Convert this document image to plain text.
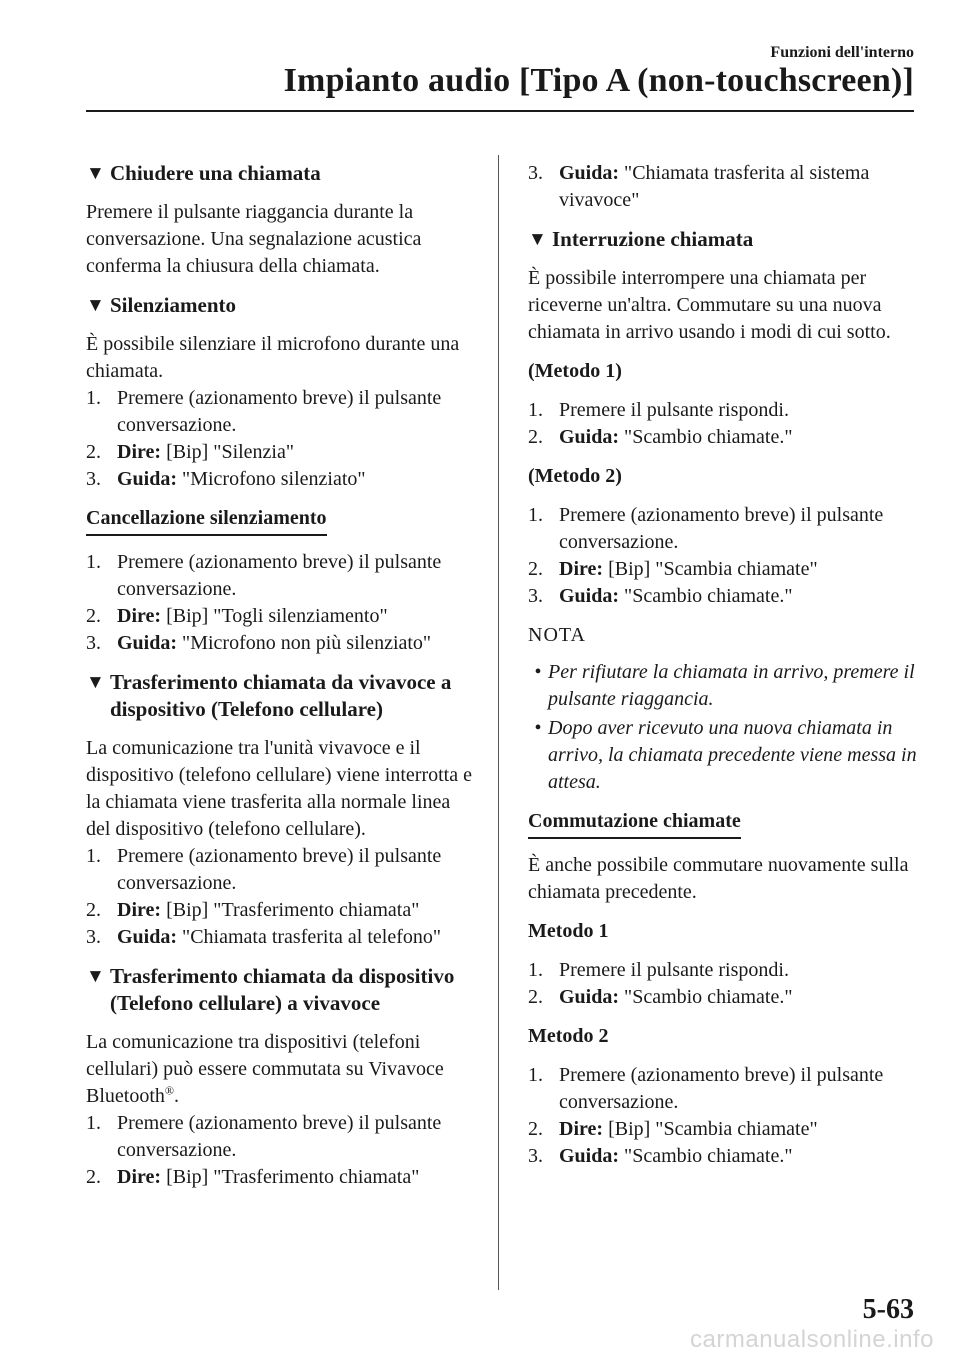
Funzioni dell'interno
Impianto audio [Tipo A (non-touchscreen)]
▼ Chiudere una chiamata
Premere il pulsante riaggancia durante la conversazione. Una segnalazione acustica conferma la chiusura della chiamata.
▼ Silenziamento
È possibile silenziare il microfono durante una chiamata.
1. Premere (azionamento breve) il pulsante conversazione.
2. Dire: [Bip] "Silenzia"
3. Guida: "Microfono silenziato"
Cancellazione silenziamento
1. Premere (azionamento breve) il pulsante conversazione.
2. Dire: [Bip] "Togli silenziamento"
3. Guida: "Microfono non più silenziato"
▼ Trasferimento chiamata da vivavoce a dispositivo (Telefono cellulare)
La comunicazione tra l'unità vivavoce e il dispositivo (telefono cellulare) viene interrotta e la chiamata viene trasferita alla normale linea del dispositivo (telefono cellulare).
1. Premere (azionamento breve) il pulsante conversazione.
2. Dire: [Bip] "Trasferimento chiamata"
3. Guida: "Chiamata trasferita al telefono"
▼ Trasferimento chiamata da dispositivo (Telefono cellulare) a vivavoce
La comunicazione tra dispositivi (telefoni cellulari) può essere commutata su Vivavoce Bluetooth®.
1. Premere (azionamento breve) il pulsante conversazione.
2. Dire: [Bip] "Trasferimento chiamata"
3. Guida: "Chiamata trasferita al sistema vivavoce"
▼ Interruzione chiamata
È possibile interrompere una chiamata per riceverne un'altra. Commutare su una nuova chiamata in arrivo usando i modi di cui sotto.
(Metodo 1)
1. Premere il pulsante rispondi.
2. Guida: "Scambio chiamate."
(Metodo 2)
1. Premere (azionamento breve) il pulsante conversazione.
2. Dire: [Bip] "Scambia chiamate"
3. Guida: "Scambio chiamate."
NOTA
• Per rifiutare la chiamata in arrivo, premere il pulsante riaggancia.
• Dopo aver ricevuto una nuova chiamata in arrivo, la chiamata precedente viene messa in attesa.
Commutazione chiamate
È anche possibile commutare nuovamente sulla chiamata precedente.
Metodo 1
1. Premere il pulsante rispondi.
2. Guida: "Scambio chiamate."
Metodo 2
1. Premere (azionamento breve) il pulsante conversazione.
2. Dire: [Bip] "Scambia chiamate"
3. Guida: "Scambio chiamate."
5-63
carmanualsonline.info
